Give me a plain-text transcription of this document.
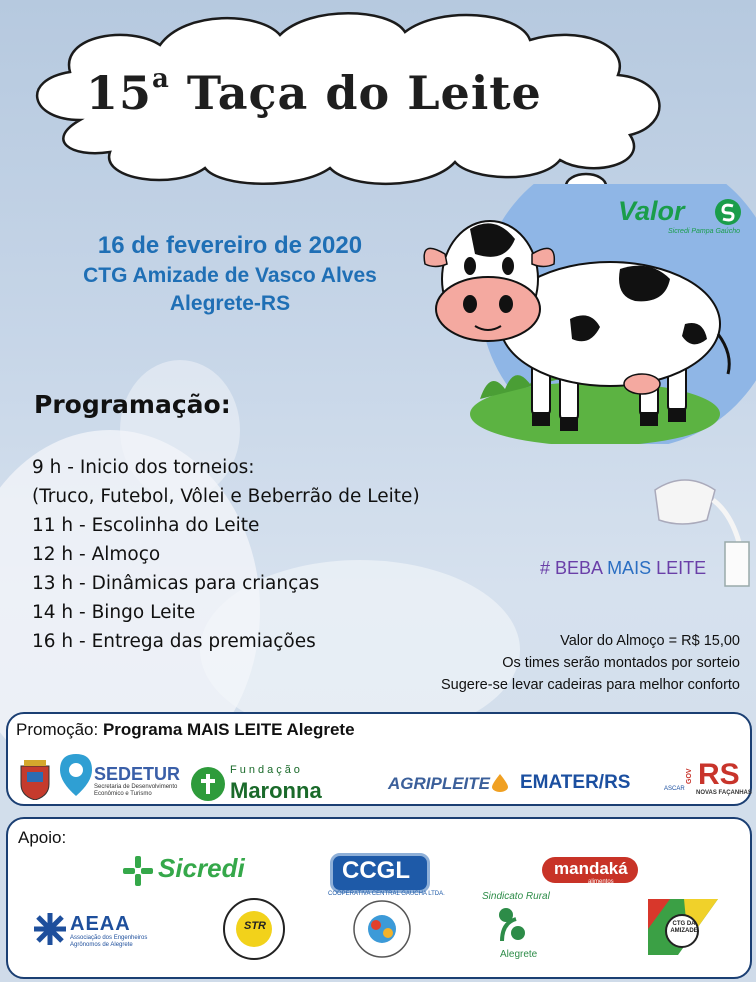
15$^a$ Taça do Leite
16 de fevereiro de 2020
CTG Amizade de Vasco Alves
Alegrete-RS
Valor
Sicredi Pampa Gaúcho
# BEBA MAIS LEITE
Programação:
9 h - Inicio dos torneios:
(Truco, Futebol, Vôlei e Beberrão de Leite)
11 h - Escolinha do Leite
12 h - Almoço
13 h - Dinâmicas para crianças
14 h - Bingo Leite
16 h - Entrega das premiações	Valor do Almoço = R$ 15,00
Os times serão montados por sorteio
Sugere-se levar cadeiras para melhor conforto
Promoção: Programa MAIS LEITE Alegrete
SEDETUR
Secretaria de Desenvolvimento Econômico e Turismo
Fundação
Maronna	AGRIPLEITE EMATER/RS	ASCAR
GOV RS
NOVAS FAÇANHAS
Apoio:
Sicredi	CCGL
COOPERATIVA CENTRAL GAÚCHA LTDA.
mandaká
alimentos
AEAA
Associação dos Engenheiros Agrônomos de Alegrete
STR
Sindicato Rural
Alegrete
CTG DA AMIZADE
